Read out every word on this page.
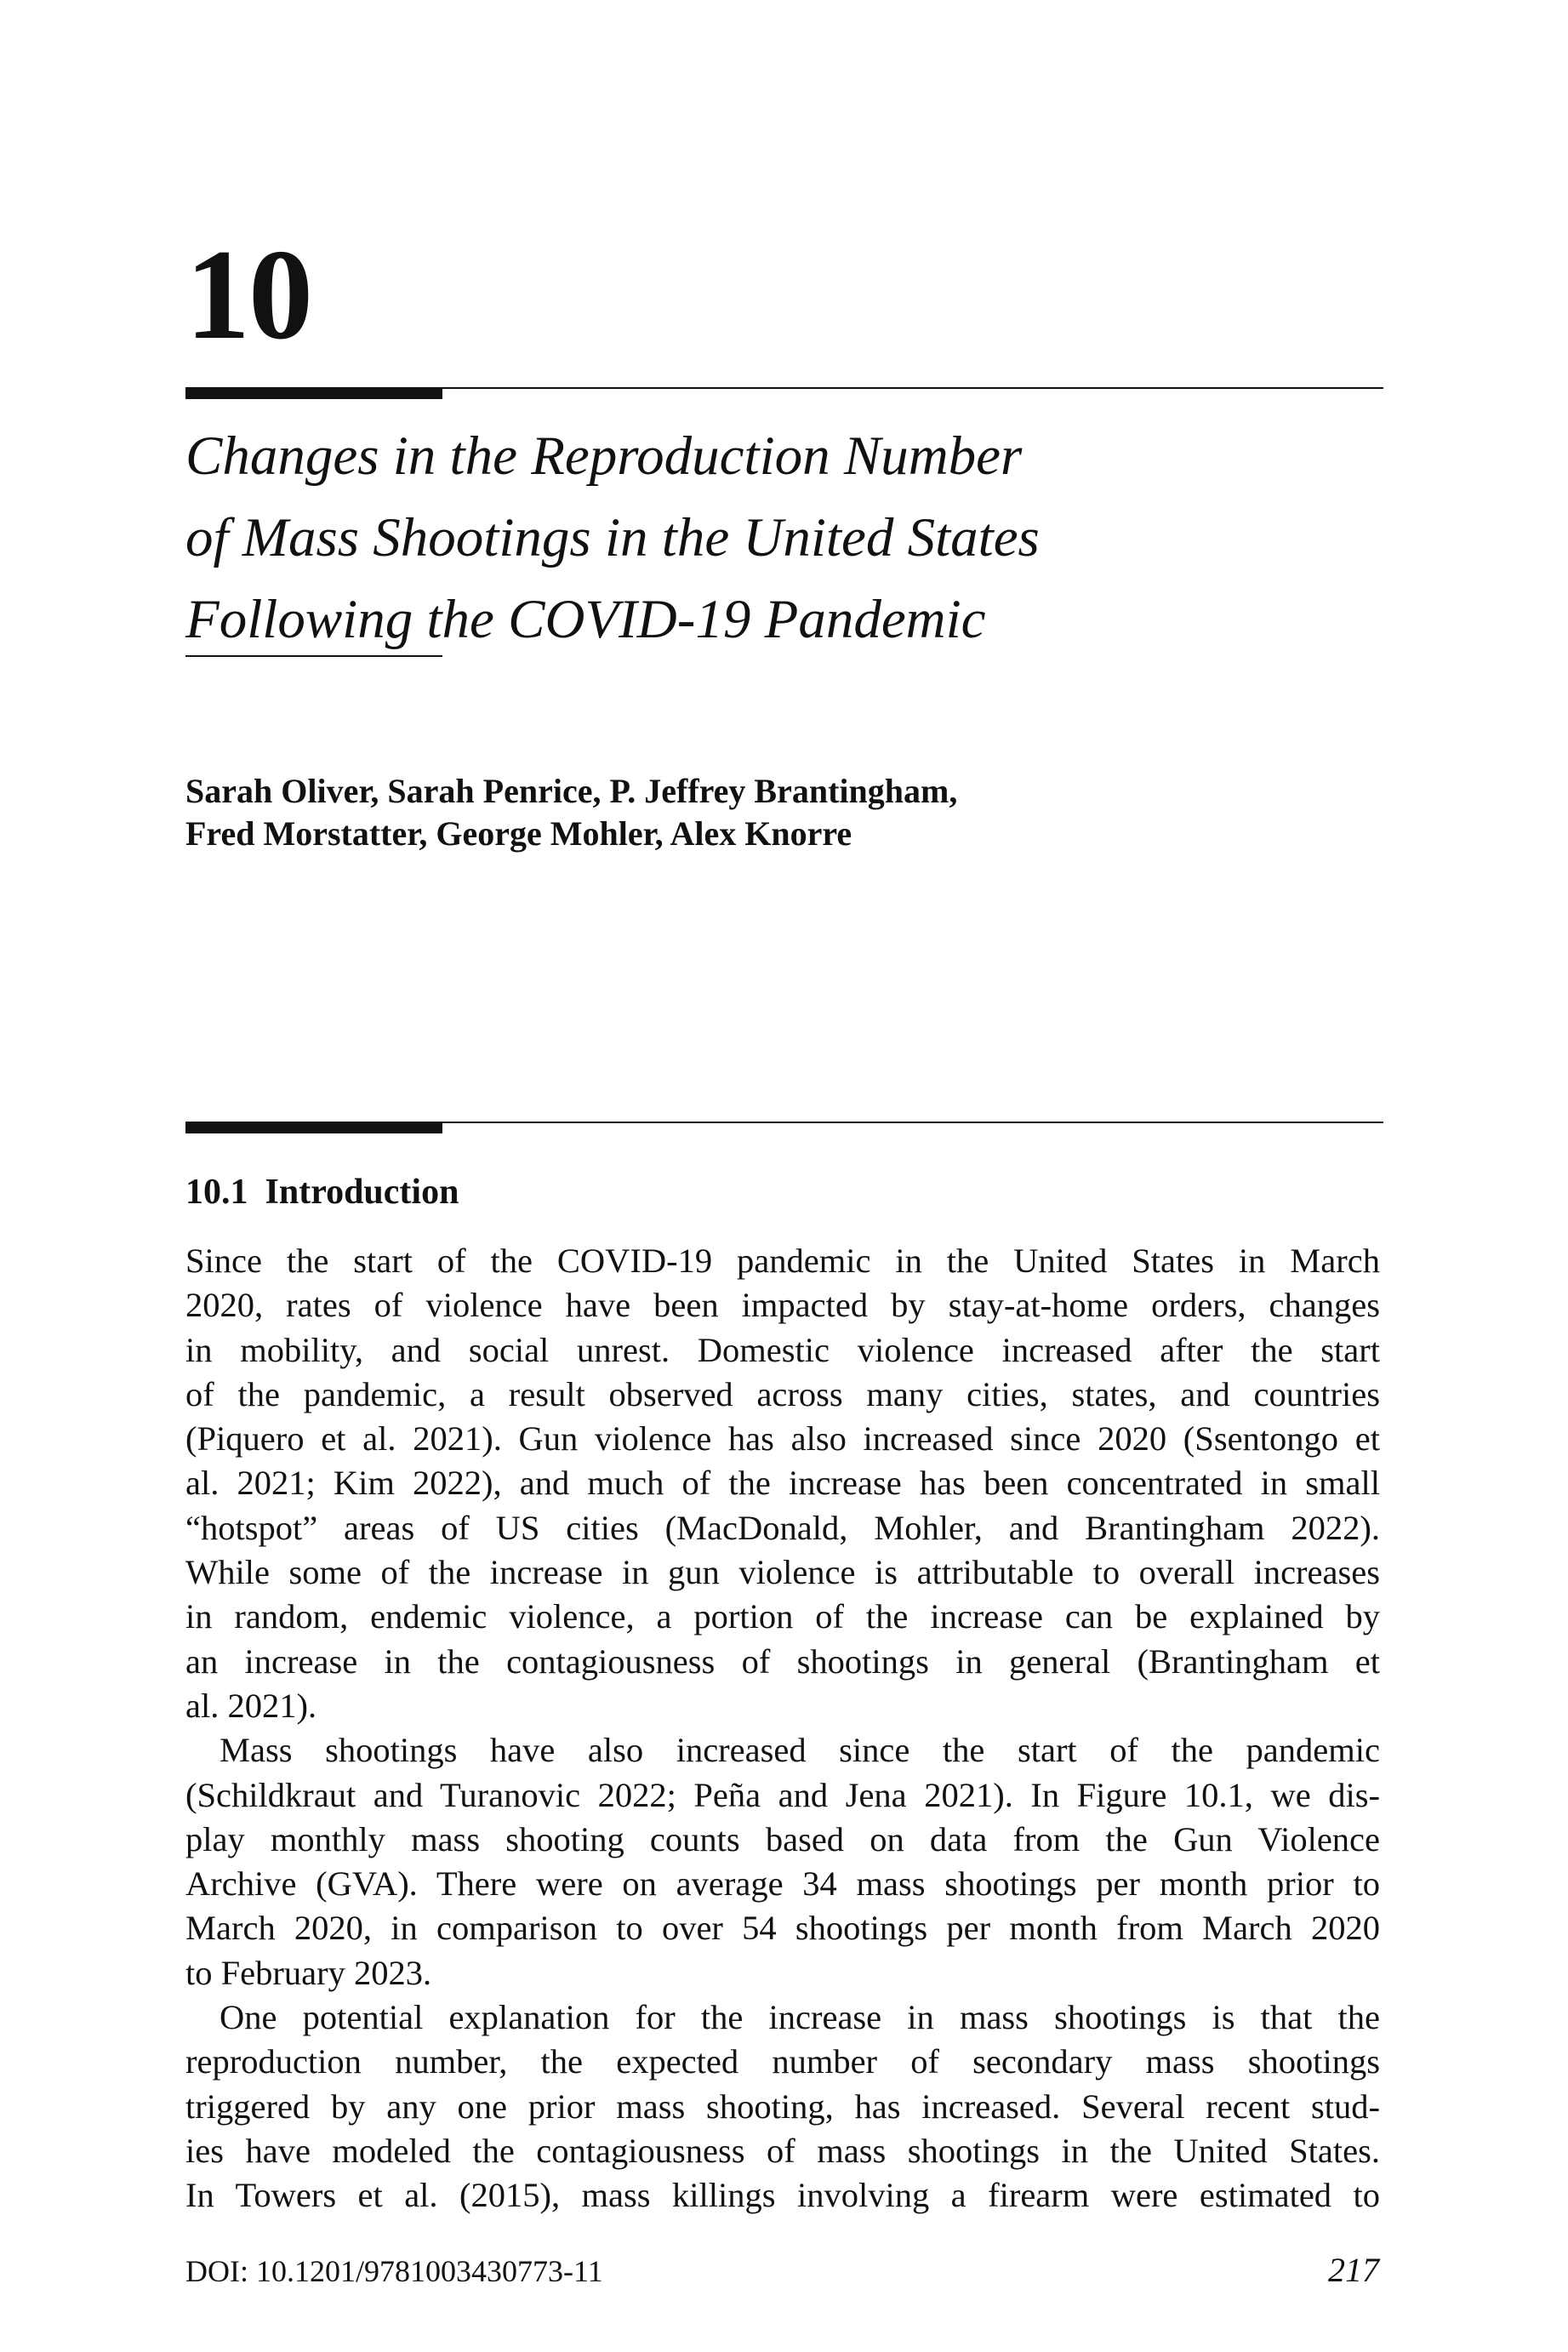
10
Changes in the Reproduction Number
of Mass Shootings in the United States
Following the COVID-19 Pandemic
Sarah Oliver, Sarah Penrice, P. Jeffrey Brantingham,
Fred Morstatter, George Mohler, Alex Knorre
10.1 Introduction
Since the start of the COVID-19 pandemic in the United States in March
2020, rates of violence have been impacted by stay-at-home orders, changes
in mobility, and social unrest. Domestic violence increased after the start
of the pandemic, a result observed across many cities, states, and countries
(Piquero et al. 2021). Gun violence has also increased since 2020 (Ssentongo et
al. 2021; Kim 2022), and much of the increase has been concentrated in small
“hotspot” areas of US cities (MacDonald, Mohler, and Brantingham 2022).
While some of the increase in gun violence is attributable to overall increases
in random, endemic violence, a portion of the increase can be explained by
an increase in the contagiousness of shootings in general (Brantingham et
al. 2021).
Mass shootings have also increased since the start of the pandemic
(Schildkraut and Turanovic 2022; Peña and Jena 2021). In Figure 10.1, we dis-
play monthly mass shooting counts based on data from the Gun Violence
Archive (GVA). There were on average 34 mass shootings per month prior to
March 2020, in comparison to over 54 shootings per month from March 2020
to February 2023.
One potential explanation for the increase in mass shootings is that the
reproduction number, the expected number of secondary mass shootings
triggered by any one prior mass shooting, has increased. Several recent stud-
ies have modeled the contagiousness of mass shootings in the United States.
In Towers et al. (2015), mass killings involving a firearm were estimated to
DOI: 10.1201/9781003430773-11	217
